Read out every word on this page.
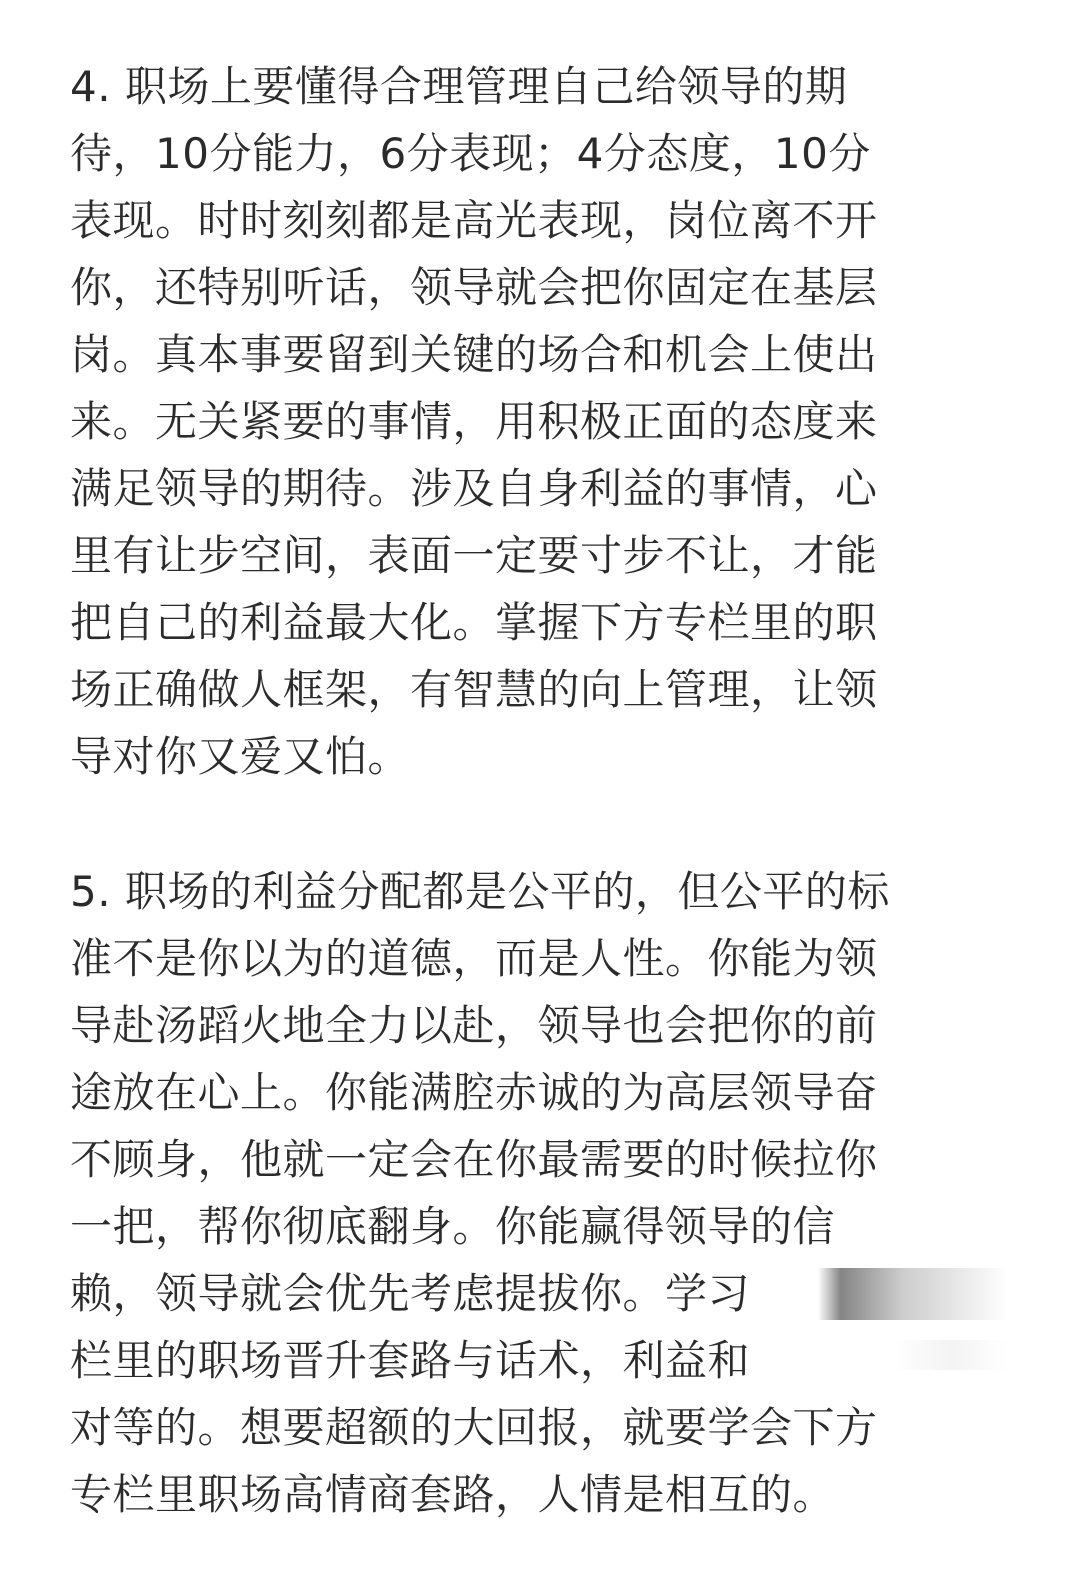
4. 职场上要懂得合理管理自己给领导的期
待，10分能力，6分表现；4分态度，10分
表现。时时刻刻都是高光表现，岗位离不开
你，还特别听话，领导就会把你固定在基层
岗。真本事要留到关键的场合和机会上使出
来。无关紧要的事情，用积极正面的态度来
满足领导的期待。涉及自身利益的事情，心
里有让步空间，表面一定要寸步不让，才能
把自己的利益最大化。掌握下方专栏里的职
场正确做人框架，有智慧的向上管理，让领
导对你又爱又怕。
5. 职场的利益分配都是公平的，但公平的标
准不是你以为的道德，而是人性。你能为领
导赴汤蹈火地全力以赴，领导也会把你的前
途放在心上。你能满腔赤诚的为高层领导奋
不顾身，他就一定会在你最需要的时候拉你
一把，帮你彻底翻身。你能赢得领导的信
赖，领导就会优先考虑提拔你。学习
栏里的职场晋升套路与话术，利益和
对等的。想要超额的大回报，就要学会下方
专栏里职场高情商套路，人情是相互的。
